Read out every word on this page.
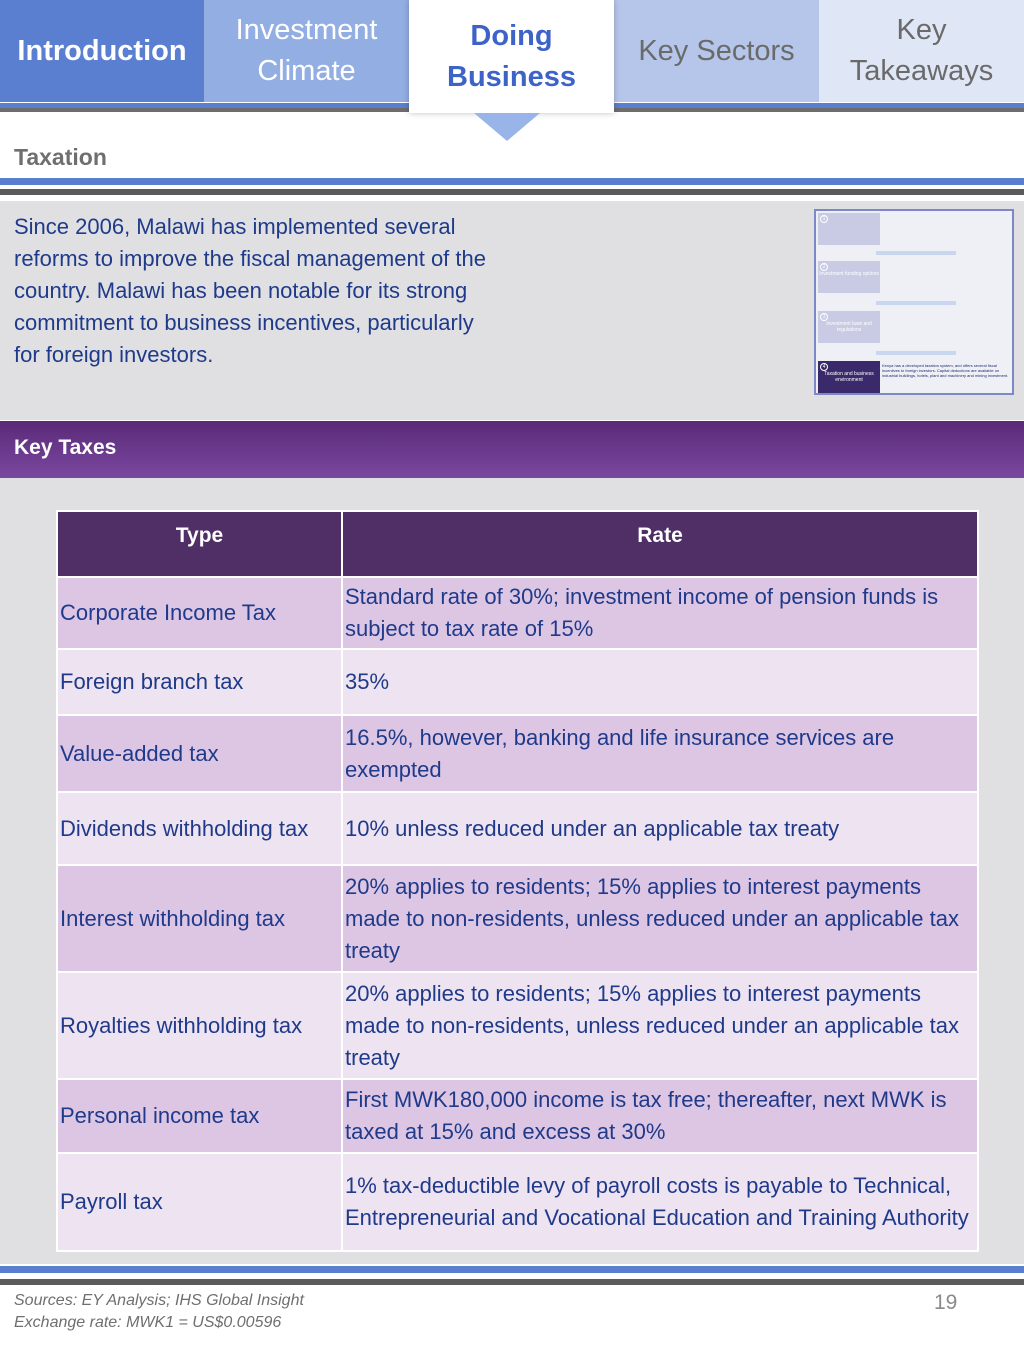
Introduction
Investment
Climate
Key Sectors
Key
Takeaways
Doing
Business
Taxation

Since 2006, Malawi has implemented several reforms to improve the fiscal management of the country. Malawi has been notable for its strong commitment to business incentives, particularly for foreign investors.

1
Investment funding options
2
Investment laws and regulations
3
Taxation and business environment
4	Kenya has a developed taxation system, and offers several fiscal incentives to foreign investors. Capital deductions are available on industrial buildings, hotels, plant and machinery and mining investment.
Key Taxes
Type	Rate
Corporate Income Tax	Standard rate of 30%; investment income of pension funds is subject to tax rate of 15%
Foreign branch tax	35%
Value-added tax	16.5%, however, banking and life insurance services are exempted
Dividends withholding tax	10% unless reduced under an applicable tax treaty
Interest withholding tax	20% applies to residents; 15% applies to interest payments made to non-residents, unless reduced under an applicable tax treaty
Royalties withholding tax	20% applies to residents; 15% applies to interest payments made to non-residents, unless reduced under an applicable tax treaty
Personal income tax	First MWK180,000 income is tax free; thereafter, next MWK is taxed at 15% and excess at 30%
Payroll tax	1% tax-deductible levy of payroll costs is payable to Technical, Entrepreneurial and Vocational Education and Training Authority
Sources: EY Analysis; IHS Global Insight
Exchange rate: MWK1 = US$0.00596
19
